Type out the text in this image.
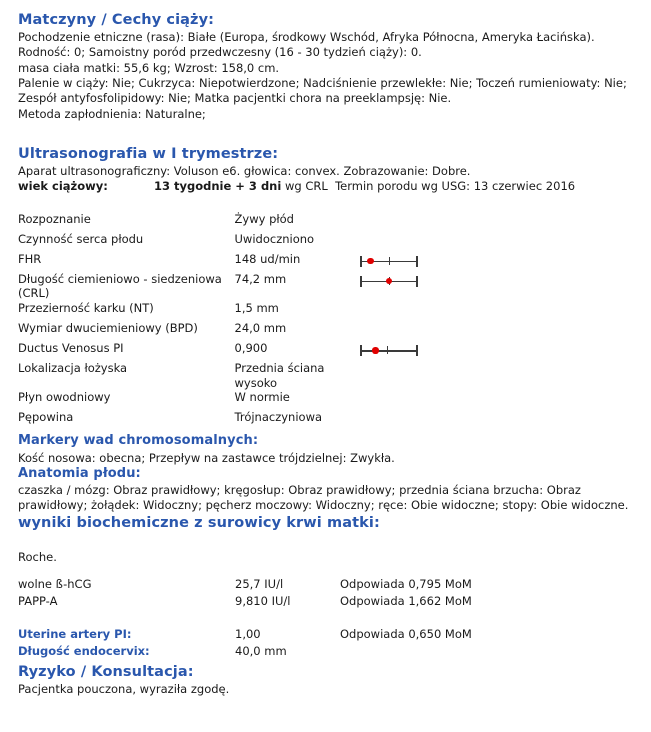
Matczyny / Cechy ciąży:
Pochodzenie etniczne (rasa): Białe (Europa, środkowy Wschód, Afryka Północna, Ameryka Łacińska).
Rodność: 0; Samoistny poród przedwczesny (16 - 30 tydzień ciąży): 0.
masa ciała matki: 55,6 kg; Wzrost: 158,0 cm.
Palenie w ciąży: Nie; Cukrzyca: Niepotwierdzone; Nadciśnienie przewlekłe: Nie; Toczeń rumieniowaty: Nie; Zespół antyfosfolipidowy: Nie; Matka pacjentki chora na preeklampsję: Nie.
Metoda zapłodnienia: Naturalne;
Ultrasonografia w I trymestrze:
Aparat ultrasonograficzny: Voluson e6. głowica: convex. Zobrazowanie: Dobre.
wiek ciążowy:	13 tygodnie + 3 dni wg CRL Termin porodu wg USG: 13 czerwiec 2016
Rozpoznanie	Żywy płód	
Czynność serca płodu	Uwidoczniono	
FHR	148 ud/min	

Długość ciemieniowo - siedzeniowa (CRL)	74,2 mm	

Przezierność karku (NT)	1,5 mm	
Wymiar dwuciemieniowy (BPD)	24,0 mm	
Ductus Venosus PI	0,900	

Lokalizacja łożyska	Przednia ściana wysoko	
Płyn owodniowy	W normie	
Pępowina	Trójnaczyniowa	
Markery wad chromosomalnych:
Kość nosowa: obecna; Przepływ na zastawce trójdzielnej: Zwykła.
Anatomia płodu:
czaszka / mózg: Obraz prawidłowy; kręgosłup: Obraz prawidłowy; przednia ściana brzucha: Obraz prawidłowy; żołądek: Widoczny; pęcherz moczowy: Widoczny; ręce: Obie widoczne; stopy: Obie widoczne.
wyniki biochemiczne z surowicy krwi matki:
Roche.
wolne ß-hCG	25,7 IU/l	Odpowiada 0,795 MoM
PAPP-A	9,810 IU/l	Odpowiada 1,662 MoM
Uterine artery PI:	1,00	Odpowiada 0,650 MoM
Długość endocervix:	40,0 mm	
Ryzyko / Konsultacja:
Pacjentka pouczona, wyraziła zgodę.
